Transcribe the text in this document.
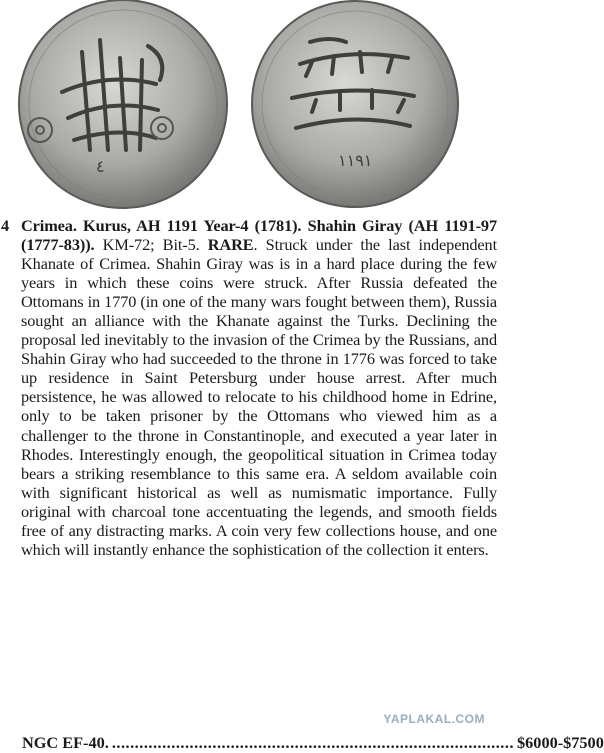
٤	١١٩١
4 Crimea. Kurus, AH 1191 Year-4 (1781). Shahin Giray (AH 1191-97 (1777-83)). KM-72; Bit-5. RARE. Struck under the last independent Khanate of Crimea. Shahin Giray was is in a hard place during the few years in which these coins were struck. After Russia defeated the Ottomans in 1770 (in one of the many wars fought between them), Russia sought an alliance with the Khanate against the Turks. Declining the proposal led inevitably to the invasion of the Crimea by the Russians, and Shahin Giray who had succeeded to the throne in 1776 was forced to take up residence in Saint Petersburg under house arrest. After much persistence, he was allowed to relocate to his childhood home in Edrine, only to be taken prisoner by the Ottomans who viewed him as a challenger to the throne in Constantinople, and executed a year later in Rhodes. Interestingly enough, the geopolitical situation in Crimea today bears a striking resemblance to this same era. A seldom available coin with significant historical as well as numismatic importance. Fully original with charcoal tone accentuating the legends, and smooth fields free of any distracting marks. A coin very few collections house, and one which will instantly enhance the sophistication of the collection it enters.

YAPLAKAL.COM
NGC EF-40. ........................................................................................ $6000-$7500
